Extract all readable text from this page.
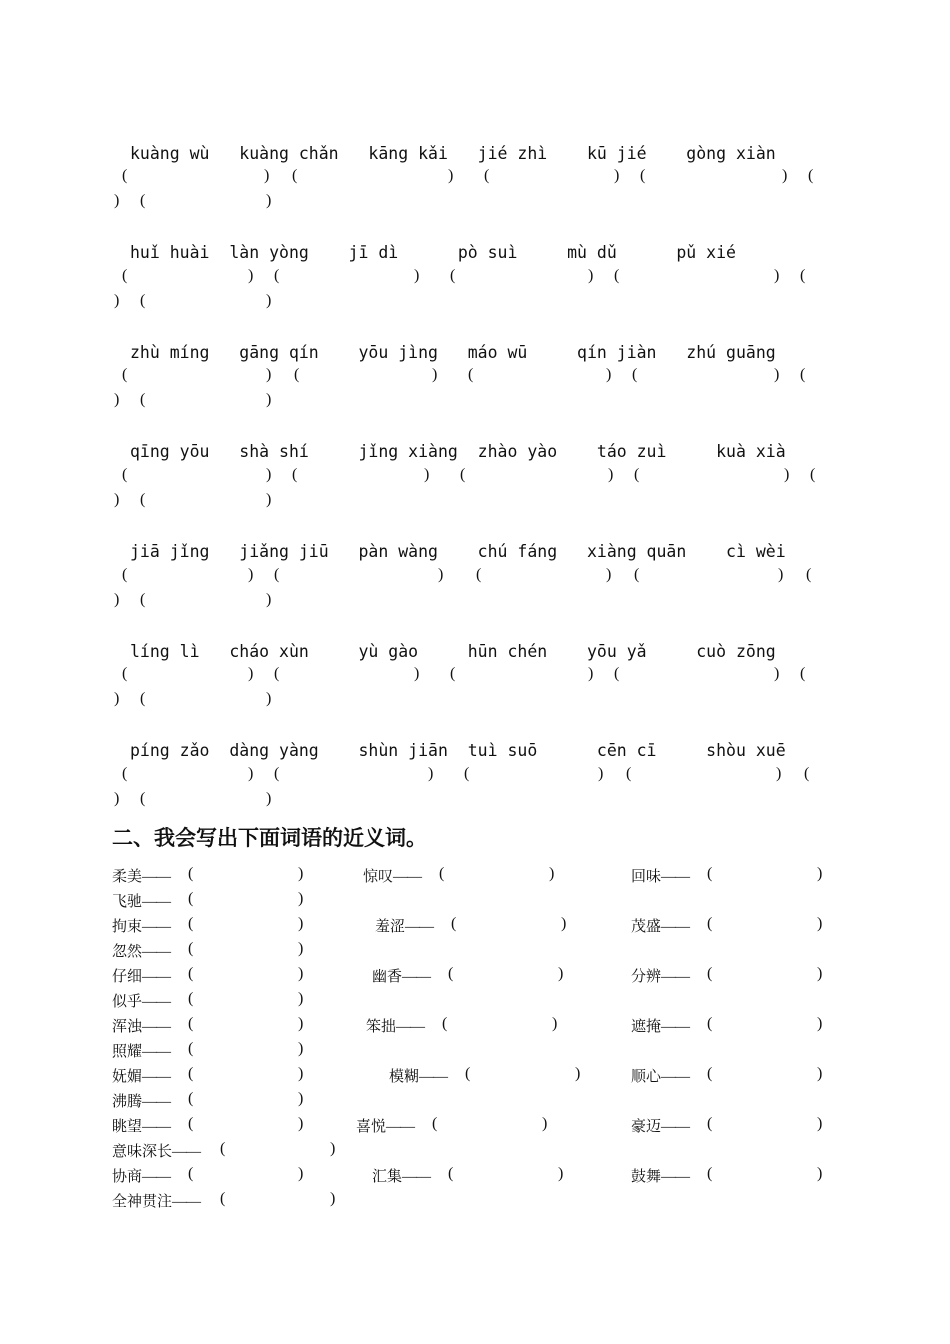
kuàng wù   kuàng chǎn   kāng kǎi   jié zhì    kū jié    gòng xiàn
(	) (	) (	) (	) (
) (	)
huǐ huài  làn yòng    jī dì      pò suì     mù dǔ      pǔ xié
(	) (	) (	) (	) (
) (	)
zhù míng   gāng qín    yōu jìng   máo wū     qín jiàn   zhú guāng
(	) (	) (	) (	) (
) (	)
qīng yōu   shà shí     jǐng xiàng  zhào yào    táo zuì     kuà xià
(	) (	) (	) (	) (
) (	)
jiā jǐng   jiǎng jiū   pàn wàng    chú fáng   xiàng quān    cì wèi
(	) (	) (	) (	) (
) (	)
líng lì   cháo xùn     yù gào     hūn chén    yōu yǎ     cuò zōng
(	) (	) (	) (	) (
) (	)
píng zǎo  dàng yàng    shùn jiān  tuì suō      cēn cī     shòu xuē
(	) (	) (	) (	) (
) (	)
二、我会写出下面词语的近义词。
柔美—— (	)	惊叹—— (	)	回味—— (	)
飞驰—— (	)
拘束—— (	)	羞涩—— (	)	茂盛—— (	)
忽然—— (	)
仔细—— (	)	幽香—— (	)	分辨—— (	)
似乎—— (	)
浑浊—— (	)	笨拙—— (	)	遮掩—— (	)
照耀—— (	)
妩媚—— (	)	模糊—— (	)	顺心—— (	)
沸腾—— (	)
眺望—— (	)	喜悦—— (	)	豪迈—— (	)
意味深长—— (	)
协商—— (	)	汇集—— (	)	鼓舞—— (	)
全神贯注—— (	)
